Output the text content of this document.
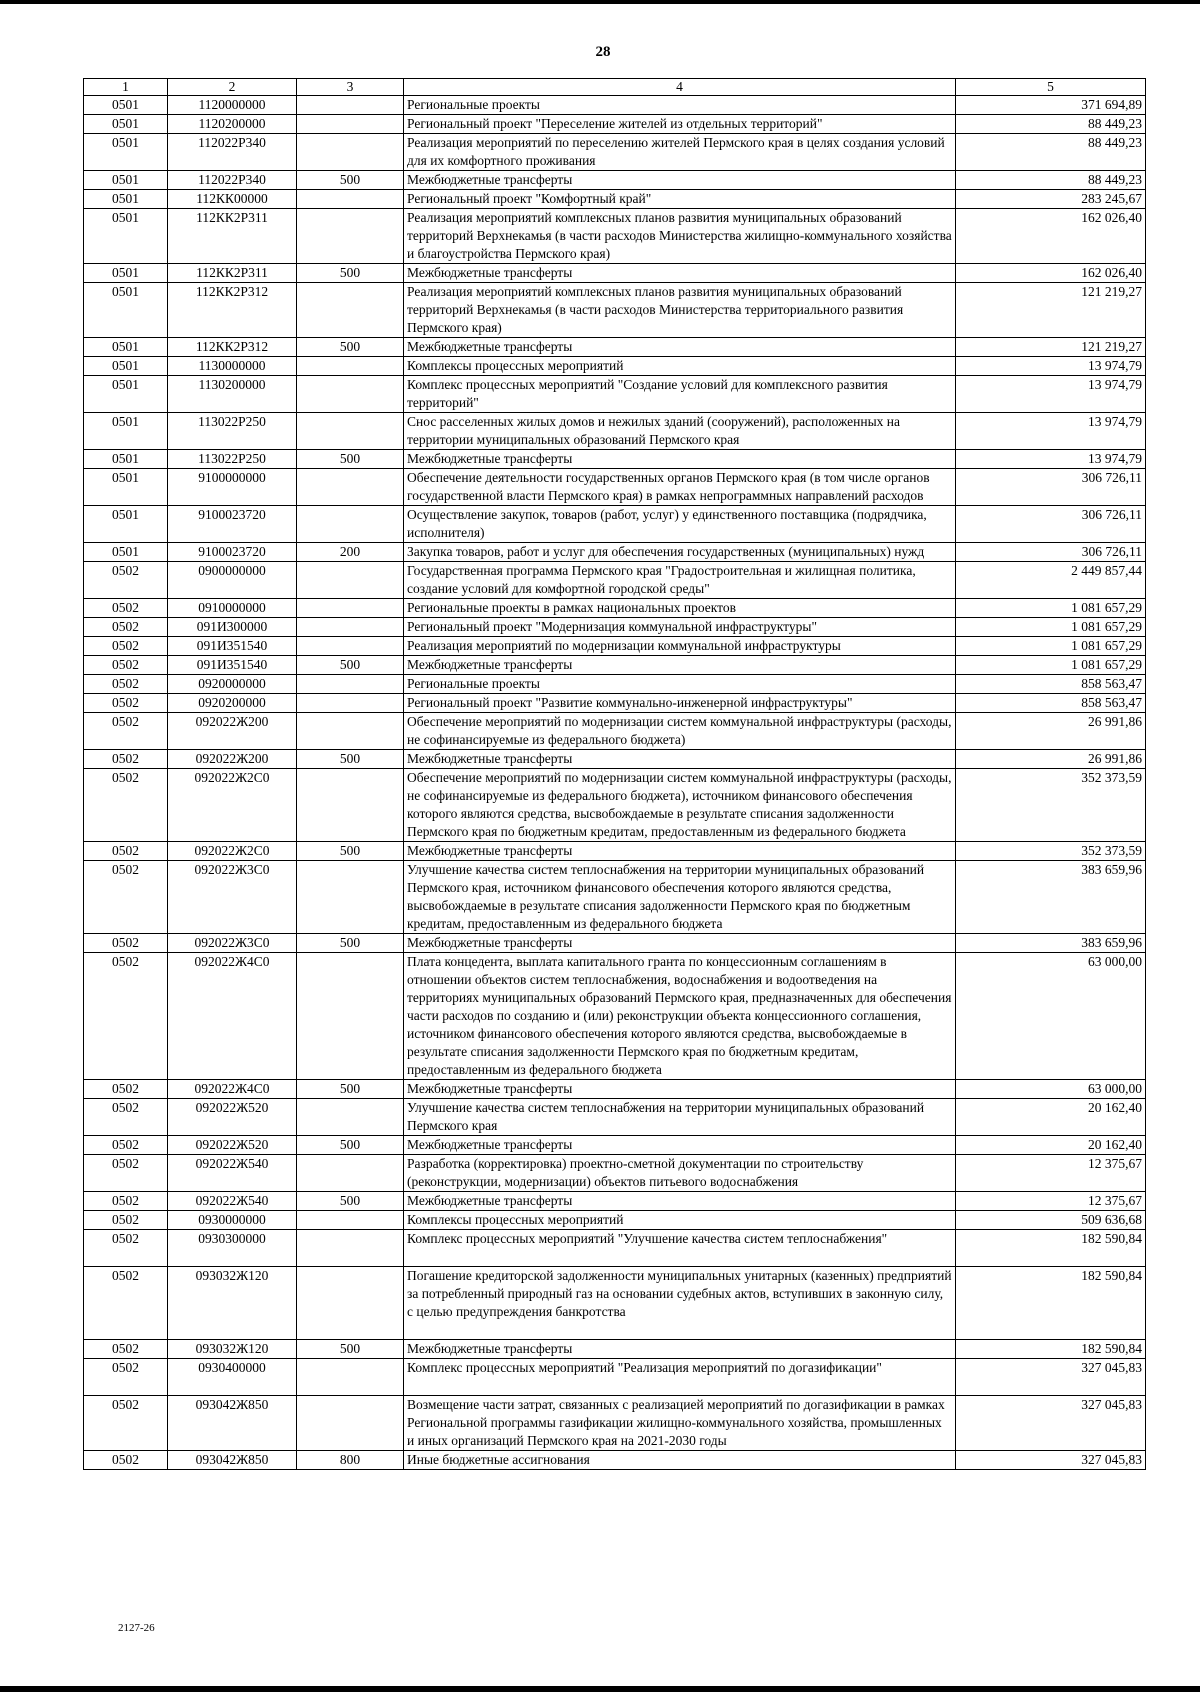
28
1	2	3	4	5
0501	1120000000		Региональные проекты	371 694,89
0501	1120200000		Региональный проект "Переселение жителей из отдельных территорий"	88 449,23
0501	112022Р340		Реализация мероприятий по переселению жителей Пермского края в целях создания условий для их комфортного проживания	88 449,23
0501	112022Р340	500	Межбюджетные трансферты	88 449,23
0501	112КК00000		Региональный проект "Комфортный край"	283 245,67
0501	112КК2Р311		Реализация мероприятий комплексных планов развития муниципальных образований территорий Верхнекамья (в части расходов Министерства жилищно-коммунального хозяйства и благоустройства Пермского края)	162 026,40
0501	112КК2Р311	500	Межбюджетные трансферты	162 026,40
0501	112КК2Р312		Реализация мероприятий комплексных планов развития муниципальных образований территорий Верхнекамья (в части расходов Министерства территориального развития Пермского края)	121 219,27
0501	112КК2Р312	500	Межбюджетные трансферты	121 219,27
0501	1130000000		Комплексы процессных мероприятий	13 974,79
0501	1130200000		Комплекс процессных мероприятий "Создание условий для комплексного развития территорий"	13 974,79
0501	113022Р250		Снос расселенных жилых домов и нежилых зданий (сооружений), расположенных на территории муниципальных образований Пермского края	13 974,79
0501	113022Р250	500	Межбюджетные трансферты	13 974,79
0501	9100000000		Обеспечение деятельности государственных органов Пермского края (в том числе органов государственной власти Пермского края) в рамках непрограммных направлений расходов	306 726,11
0501	9100023720		Осуществление закупок, товаров (работ, услуг) у единственного поставщика (подрядчика, исполнителя)	306 726,11
0501	9100023720	200	Закупка товаров, работ и услуг для обеспечения государственных (муниципальных) нужд	306 726,11
0502	0900000000		Государственная программа Пермского края "Градостроительная и жилищная политика, создание условий для комфортной городской среды"	2 449 857,44
0502	0910000000		Региональные проекты в рамках национальных проектов	1 081 657,29
0502	091И300000		Региональный проект "Модернизация коммунальной инфраструктуры"	1 081 657,29
0502	091И351540		Реализация мероприятий по модернизации коммунальной инфраструктуры	1 081 657,29
0502	091И351540	500	Межбюджетные трансферты	1 081 657,29
0502	0920000000		Региональные проекты	858 563,47
0502	0920200000		Региональный проект "Развитие коммунально-инженерной инфраструктуры"	858 563,47
0502	092022Ж200		Обеспечение мероприятий по модернизации систем коммунальной инфраструктуры (расходы, не софинансируемые из федерального бюджета)	26 991,86
0502	092022Ж200	500	Межбюджетные трансферты	26 991,86
0502	092022Ж2С0		Обеспечение мероприятий по модернизации систем коммунальной инфраструктуры (расходы, не софинансируемые из федерального бюджета), источником финансового обеспечения которого являются средства, высвобождаемые в результате списания задолженности Пермского края по бюджетным кредитам, предоставленным из федерального бюджета	352 373,59
0502	092022Ж2С0	500	Межбюджетные трансферты	352 373,59
0502	092022Ж3С0		Улучшение качества систем теплоснабжения на территории муниципальных образований Пермского края, источником финансового обеспечения которого являются средства, высвобождаемые в результате списания задолженности Пермского края по бюджетным кредитам, предоставленным из федерального бюджета	383 659,96
0502	092022Ж3С0	500	Межбюджетные трансферты	383 659,96
0502	092022Ж4С0		Плата концедента, выплата капитального гранта по концессионным соглашениям в отношении объектов систем теплоснабжения, водоснабжения и водоотведения на территориях муниципальных образований Пермского края, предназначенных для обеспечения части расходов по созданию и (или) реконструкции объекта концессионного соглашения, источником финансового обеспечения которого являются средства, высвобождаемые в результате списания задолженности Пермского края по бюджетным кредитам, предоставленным из федерального бюджета	63 000,00
0502	092022Ж4С0	500	Межбюджетные трансферты	63 000,00
0502	092022Ж520		Улучшение качества систем теплоснабжения на территории муниципальных образований Пермского края	20 162,40
0502	092022Ж520	500	Межбюджетные трансферты	20 162,40
0502	092022Ж540		Разработка (корректировка) проектно-сметной документации по строительству (реконструкции, модернизации) объектов питьевого водоснабжения	12 375,67
0502	092022Ж540	500	Межбюджетные трансферты	12 375,67
0502	0930000000		Комплексы процессных мероприятий	509 636,68
0502	0930300000		Комплекс процессных мероприятий "Улучшение качества систем теплоснабжения"	182 590,84
0502	093032Ж120		Погашение кредиторской задолженности муниципальных унитарных (казенных) предприятий за потребленный природный газ на основании судебных актов, вступивших в законную силу, с целью предупреждения банкротства	182 590,84
0502	093032Ж120	500	Межбюджетные трансферты	182 590,84
0502	0930400000		Комплекс процессных мероприятий "Реализация мероприятий по догазификации"	327 045,83
0502	093042Ж850		Возмещение части затрат, связанных с реализацией мероприятий по догазификации в рамках Региональной программы газификации жилищно-коммунального хозяйства, промышленных и иных организаций Пермского края на 2021-2030 годы	327 045,83
0502	093042Ж850	800	Иные бюджетные ассигнования	327 045,83
2127-26
